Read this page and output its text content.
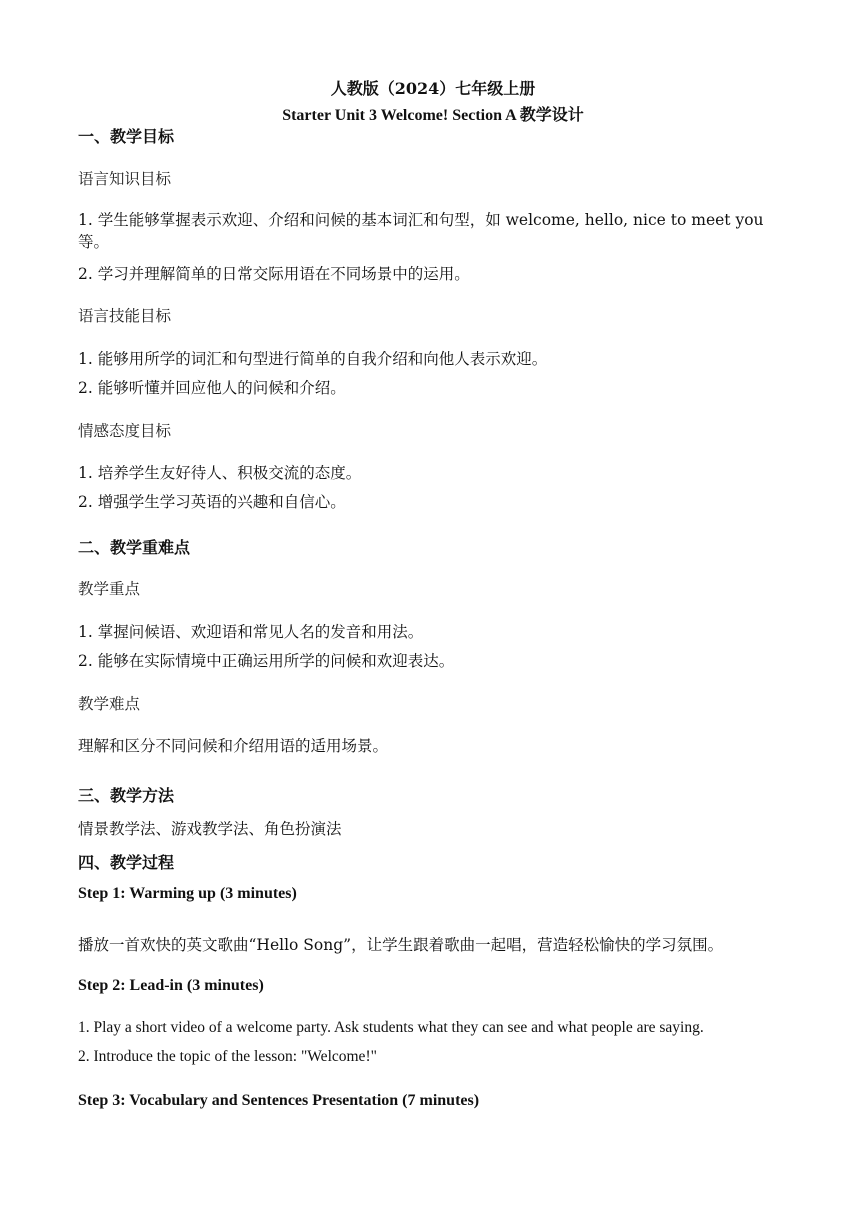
人教版（2024）七年级上册
Starter Unit 3 Welcome! Section A 教学设计
一、教学目标
语言知识目标
1. 学生能够掌握表示欢迎、介绍和问候的基本词汇和句型，如 welcome, hello, nice to meet you 等。
2. 学习并理解简单的日常交际用语在不同场景中的运用。
语言技能目标
1. 能够用所学的词汇和句型进行简单的自我介绍和向他人表示欢迎。
2. 能够听懂并回应他人的问候和介绍。
情感态度目标
1. 培养学生友好待人、积极交流的态度。
2. 增强学生学习英语的兴趣和自信心。
二、教学重难点
教学重点
1. 掌握问候语、欢迎语和常见人名的发音和用法。
2. 能够在实际情境中正确运用所学的问候和欢迎表达。
教学难点
理解和区分不同问候和介绍用语的适用场景。
三、教学方法
情景教学法、游戏教学法、角色扮演法
四、教学过程
Step 1: Warming up (3 minutes)
播放一首欢快的英文歌曲“Hello Song”，让学生跟着歌曲一起唱，营造轻松愉快的学习氛围。
Step 2: Lead-in (3 minutes)
1. Play a short video of a welcome party. Ask students what they can see and what people are saying.
2. Introduce the topic of the lesson: "Welcome!"
Step 3: Vocabulary and Sentences Presentation (7 minutes)
